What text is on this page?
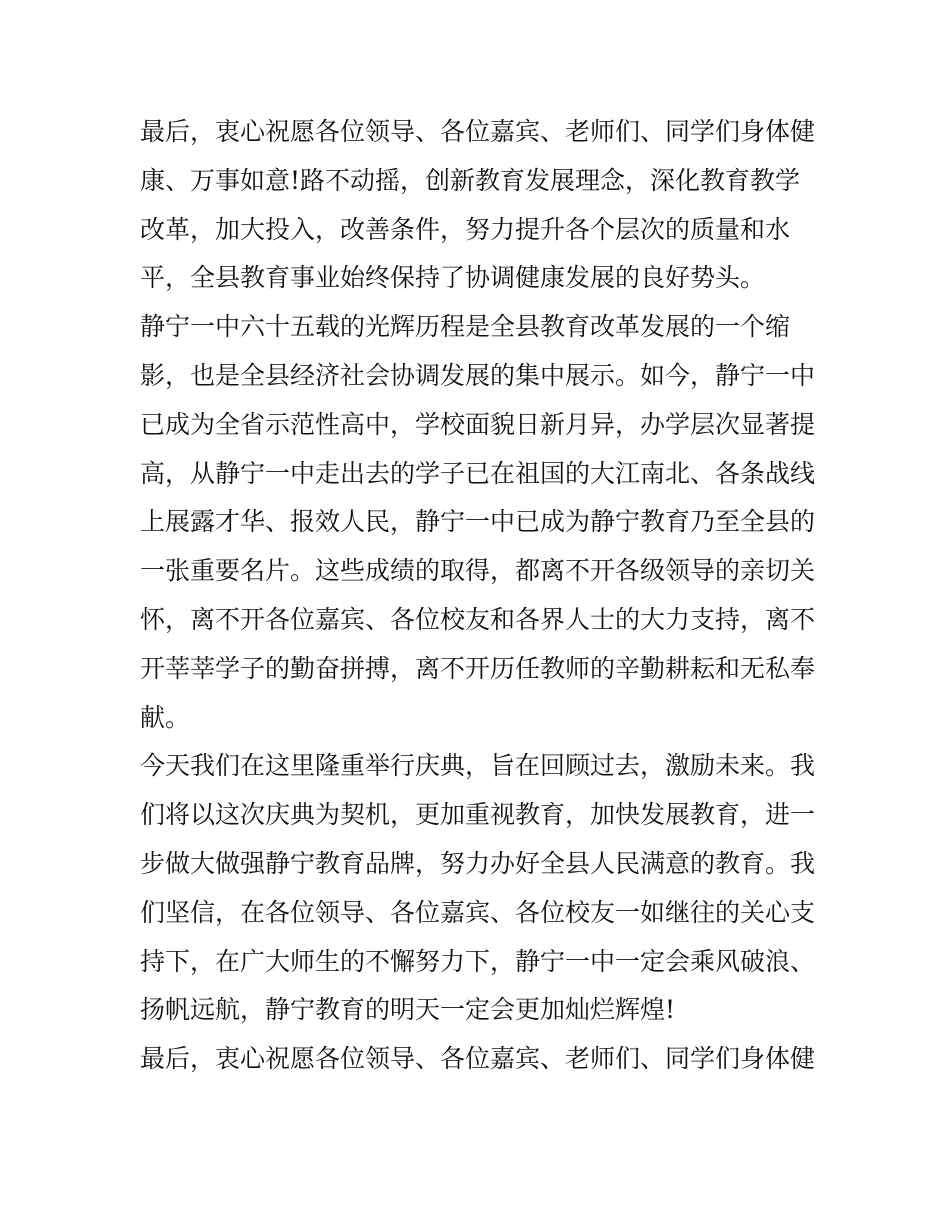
最后，衷心祝愿各位领导、各位嘉宾、老师们、同学们身体健
康、万事如意!路不动摇，创新教育发展理念，深化教育教学
改革，加大投入，改善条件，努力提升各个层次的质量和水
平，全县教育事业始终保持了协调健康发展的良好势头。
静宁一中六十五载的光辉历程是全县教育改革发展的一个缩
影，也是全县经济社会协调发展的集中展示。如今，静宁一中
已成为全省示范性高中，学校面貌日新月异，办学层次显著提
高，从静宁一中走出去的学子已在祖国的大江南北、各条战线
上展露才华、报效人民，静宁一中已成为静宁教育乃至全县的
一张重要名片。这些成绩的取得，都离不开各级领导的亲切关
怀，离不开各位嘉宾、各位校友和各界人士的大力支持，离不
开莘莘学子的勤奋拼搏，离不开历任教师的辛勤耕耘和无私奉
献。
今天我们在这里隆重举行庆典，旨在回顾过去，激励未来。我
们将以这次庆典为契机，更加重视教育，加快发展教育，进一
步做大做强静宁教育品牌，努力办好全县人民满意的教育。我
们坚信，在各位领导、各位嘉宾、各位校友一如继往的关心支
持下，在广大师生的不懈努力下，静宁一中一定会乘风破浪、
扬帆远航，静宁教育的明天一定会更加灿烂辉煌!
最后，衷心祝愿各位领导、各位嘉宾、老师们、同学们身体健
